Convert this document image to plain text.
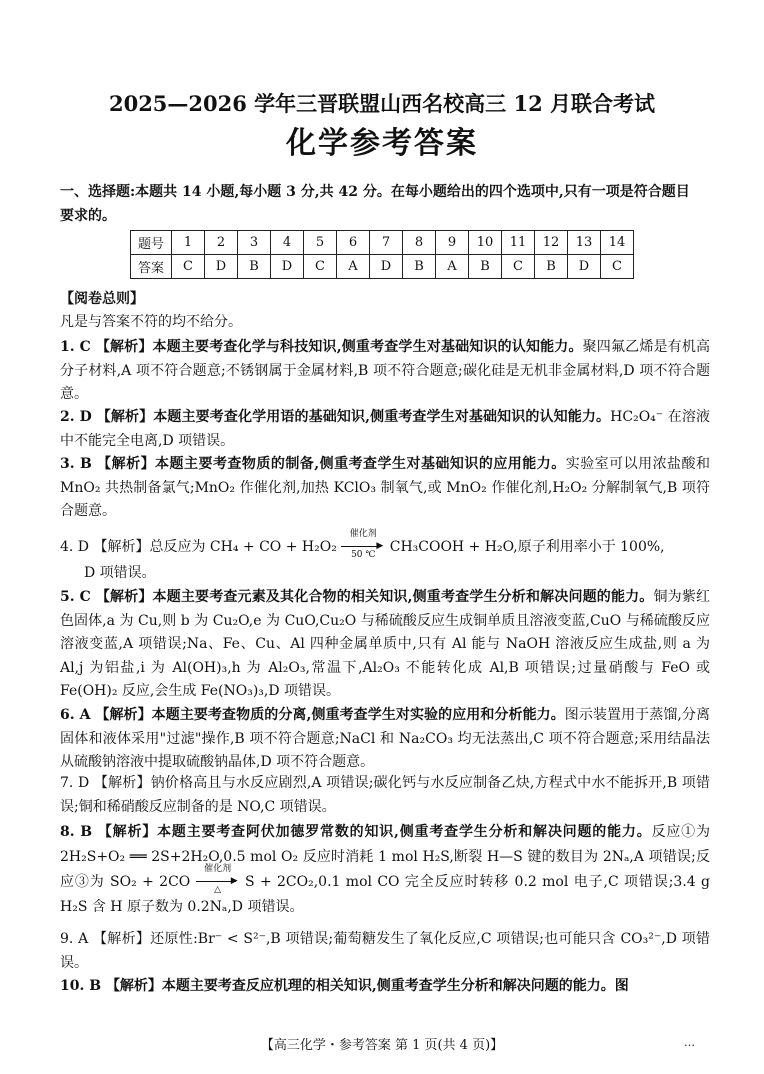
2025—2026 学年三晋联盟山西名校高三 12 月联合考试
化学参考答案
一、选择题:本题共 14 小题,每小题 3 分,共 42 分。在每小题给出的四个选项中,只有一项是符合题目要求的。
题号	1	2	3	4	5	6	7	8	9	10	11	12	13	14
答案	C	D	B	D	C	A	D	B	A	B	C	B	D	C
【阅卷总则】
凡是与答案不符的均不给分。
1. C 【解析】本题主要考查化学与科技知识,侧重考查学生对基础知识的认知能力。聚四氟乙烯是有机高分子材料,A 项不符合题意;不锈钢属于金属材料,B 项不符合题意;碳化硅是无机非金属材料,D 项不符合题意。
2. D 【解析】本题主要考查化学用语的基础知识,侧重考查学生对基础知识的认知能力。HC₂O₄⁻ 在溶液中不能完全电离,D 项错误。
3. B 【解析】本题主要考查物质的制备,侧重考查学生对基础知识的应用能力。实验室可以用浓盐酸和 MnO₂ 共热制备氯气;MnO₂ 作催化剂,加热 KClO₃ 制氧气,或 MnO₂ 作催化剂,H₂O₂ 分解制氧气,B 项符合题意。
4. D 【解析】总反应为 CH₄ + CO + H₂O₂
催化剂
▶
50 ℃	CH₃COOH + H₂O,原子利用率小于 100%,
D 项错误。
5. C 【解析】本题主要考查元素及其化合物的相关知识,侧重考查学生分析和解决问题的能力。铜为紫红色固体,a 为 Cu,则 b 为 Cu₂O,e 为 CuO,Cu₂O 与稀硫酸反应生成铜单质且溶液变蓝,CuO 与稀硫酸反应溶液变蓝,A 项错误;Na、Fe、Cu、Al 四种金属单质中,只有 Al 能与 NaOH 溶液反应生成盐,则 a 为 Al,j 为铝盐,i 为 Al(OH)₃,h 为 Al₂O₃,常温下,Al₂O₃ 不能转化成 Al,B 项错误;过量硝酸与 FeO 或 Fe(OH)₂ 反应,会生成 Fe(NO₃)₃,D 项错误。
6. A 【解析】本题主要考查物质的分离,侧重考查学生对实验的应用和分析能力。图示装置用于蒸馏,分离固体和液体采用"过滤"操作,B 项不符合题意;NaCl 和 Na₂CO₃ 均无法蒸出,C 项不符合题意;采用结晶法从硫酸钠溶液中提取硫酸钠晶体,D 项不符合题意。
7. D 【解析】钠价格高且与水反应剧烈,A 项错误;碳化钙与水反应制备乙炔,方程式中水不能拆开,B 项错误;铜和稀硝酸反应制备的是 NO,C 项错误。
8. B 【解析】本题主要考查阿伏加德罗常数的知识,侧重考查学生分析和解决问题的能力。反应①为 2H₂S+O₂ ══ 2S+2H₂O,0.5 mol O₂ 反应时消耗 1 mol H₂S,断裂 H—S 键的数目为 2Nₐ,A 项错误;反应③为 SO₂ + 2CO
催化剂
▶
△	S + 2CO₂,0.1 mol CO 完全反应时转移 0.2 mol 电子,C 项错误;3.4 g H₂S 含 H 原子数为 0.2Nₐ,D 项错误。
9. A 【解析】还原性:Br⁻ < S²⁻,B 项错误;葡萄糖发生了氧化反应,C 项错误;也可能只含 CO₃²⁻,D 项错误。
10. B 【解析】本题主要考查反应机理的相关知识,侧重考查学生分析和解决问题的能力。图
【高三化学・参考答案 第 1 页(共 4 页)】	…
